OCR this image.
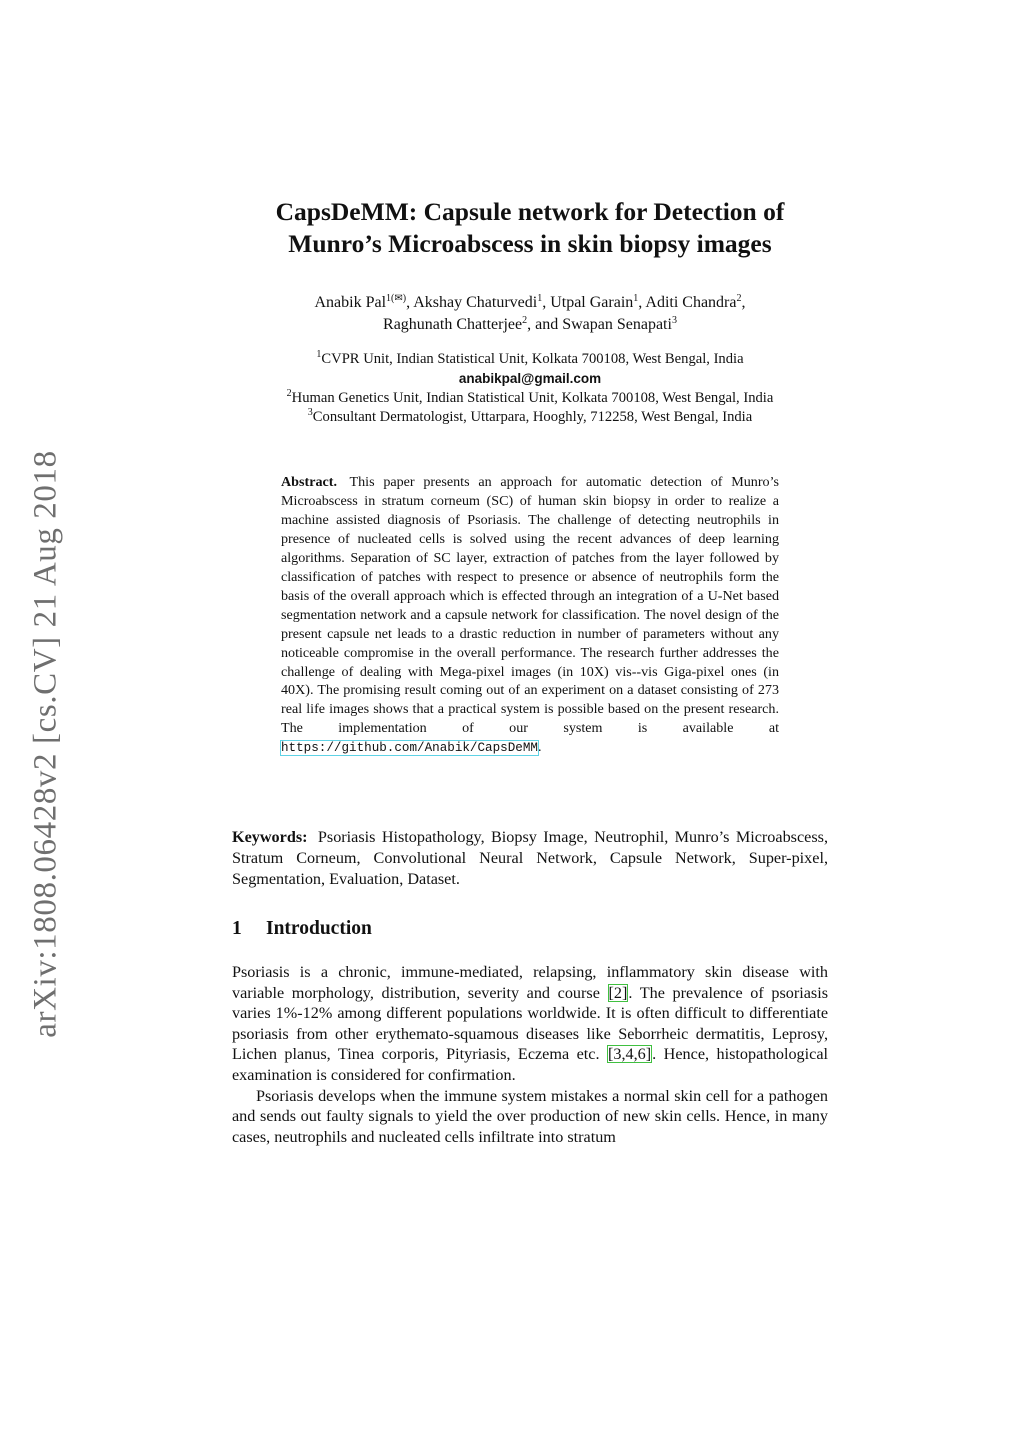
arXiv:1808.06428v2 [cs.CV] 21 Aug 2018
CapsDeMM: Capsule network for Detection of
Munro’s Microabscess in skin biopsy images
Anabik Pal$^{1(✉)}$, Akshay Chaturvedi$^1$, Utpal Garain$^1$, Aditi Chandra$^2$,
Raghunath Chatterjee$^2$, and Swapan Senapati$^3$
$^1$CVPR Unit, Indian Statistical Unit, Kolkata 700108, West Bengal, India
anabikpal@gmail.com
$^2$Human Genetics Unit, Indian Statistical Unit, Kolkata 700108, West Bengal, India
$^3$Consultant Dermatologist, Uttarpara, Hooghly, 712258, West Bengal, India
Abstract. This paper presents an approach for automatic detection of Munro’s Microabscess in stratum corneum (SC) of human skin biopsy in order to realize a machine assisted diagnosis of Psoriasis. The challenge of detecting neutrophils in presence of nucleated cells is solved using the recent advances of deep learning algorithms. Separation of SC layer, extraction of patches from the layer followed by classification of patches with respect to presence or absence of neutrophils form the basis of the overall approach which is effected through an integration of a U-Net based segmentation network and a capsule network for classification. The novel design of the present capsule net leads to a drastic reduction in number of parameters without any noticeable compromise in the overall performance. The research further addresses the challenge of dealing with Mega-pixel images (in 10X) vis--vis Giga-pixel ones (in 40X). The promising result coming out of an experiment on a dataset consisting of 273 real life images shows that a practical system is possible based on the present research. The implementation of our system is available at https://github.com/Anabik/CapsDeMM.
Keywords: Psoriasis Histopathology, Biopsy Image, Neutrophil, Munro’s Microabscess, Stratum Corneum, Convolutional Neural Network, Capsule Network, Super-pixel, Segmentation, Evaluation, Dataset.
1 Introduction

Psoriasis is a chronic, immune-mediated, relapsing, inflammatory skin disease with variable morphology, distribution, severity and course [2]. The prevalence of psoriasis varies 1%-12% among different populations worldwide. It is often difficult to differentiate psoriasis from other erythemato-squamous diseases like Seborrheic dermatitis, Leprosy, Lichen planus, Tinea corporis, Pityriasis, Eczema etc. [3,4,6]. Hence, histopathological examination is considered for confirmation.

Psoriasis develops when the immune system mistakes a normal skin cell for a pathogen and sends out faulty signals to yield the over production of new skin cells. Hence, in many cases, neutrophils and nucleated cells infiltrate into stratum
